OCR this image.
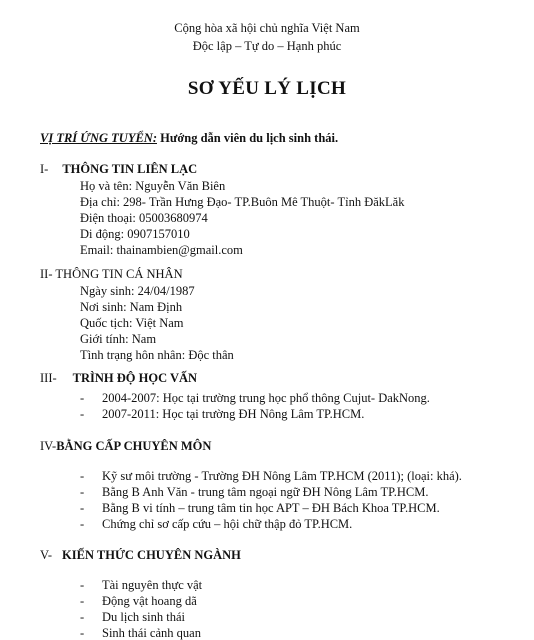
Cộng hòa xã hội chủ nghĩa Việt Nam
Độc lập – Tự do – Hạnh phúc
SƠ YẾU LÝ LỊCH
VỊ TRÍ ỨNG TUYỂN: Hướng dẫn viên du lịch sinh thái.
I- THÔNG TIN LIÊN LẠC
Họ và tên: Nguyễn Văn Biên
Địa chỉ: 298- Trần Hưng Đạo- TP.Buôn Mê Thuột- Tỉnh ĐăkLăk
Điện thoại: 05003680974
Di động: 0907157010
Email: thainambien@gmail.com
II- THÔNG TIN CÁ NHÂN
Ngày sinh: 24/04/1987
Nơi sinh: Nam Định
Quốc tịch: Việt Nam
Giới tính: Nam
Tình trạng hôn nhân: Độc thân
III- TRÌNH ĐỘ HỌC VẤN
- 2004-2007: Học tại trường trung học phổ thông Cujut- DakNong.
- 2007-2011: Học tại trường ĐH Nông Lâm TP.HCM.
IV-BẰNG CẤP CHUYÊN MÔN
- Kỹ sư môi trường - Trường ĐH Nông Lâm TP.HCM (2011); (loại: khá).
- Bằng B Anh Văn - trung tâm ngoại ngữ ĐH Nông Lâm TP.HCM.
- Bằng B vi tính – trung tâm tin học APT – ĐH Bách Khoa TP.HCM.
- Chứng chỉ sơ cấp cứu – hội chữ thập đỏ TP.HCM.
V- KIẾN THỨC CHUYÊN NGÀNH
- Tài nguyên thực vật
- Động vật hoang dã
- Du lịch sinh thái
- Sinh thái cảnh quan
